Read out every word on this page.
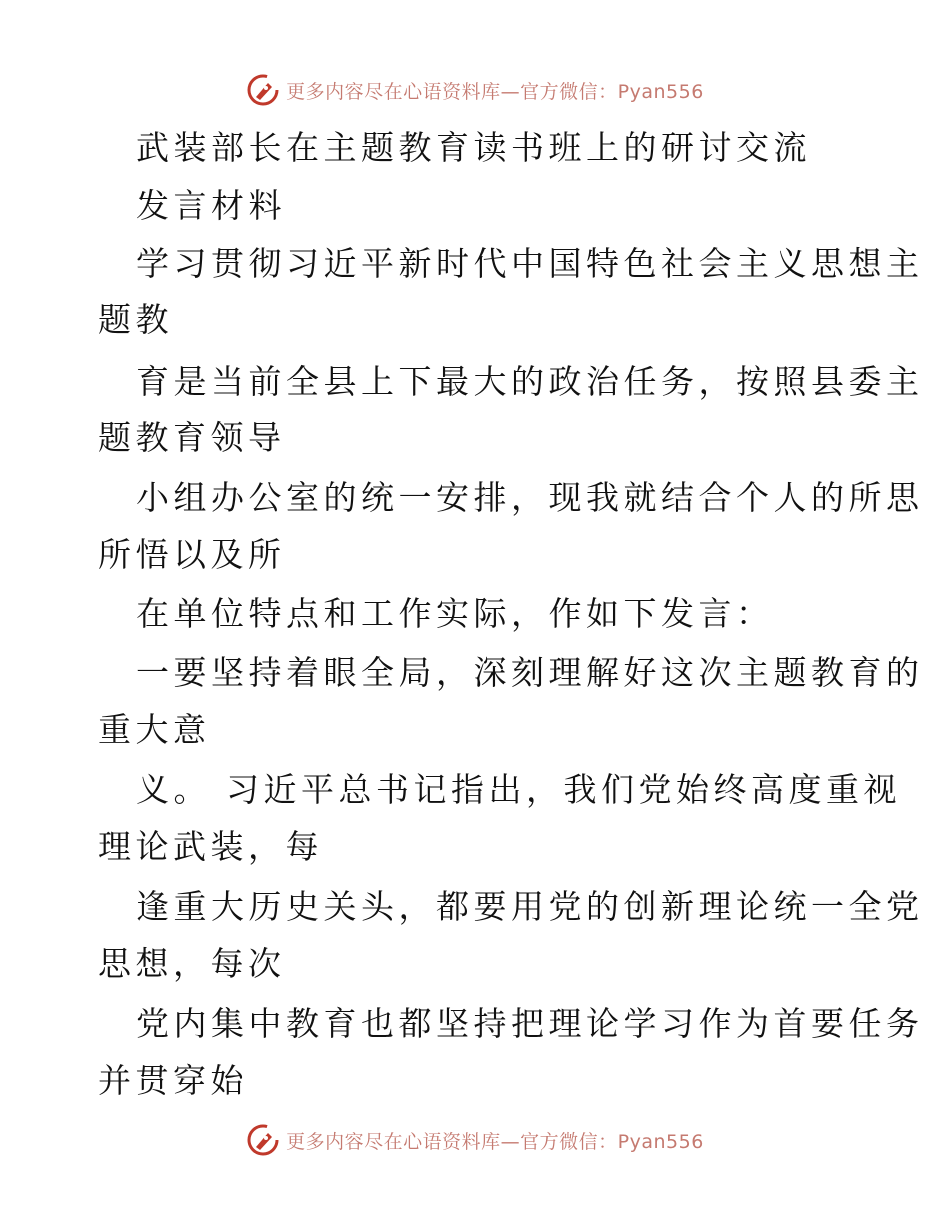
更多内容尽在心语资料库—官方微信：Pyan556
武装部长在主题教育读书班上的研讨交流
发言材料
学习贯彻习近平新时代中国特色社会主义思想主
题教
育是当前全县上下最大的政治任务，按照县委主
题教育领导
小组办公室的统一安排，现我就结合个人的所思
所悟以及所
在单位特点和工作实际，作如下发言：
一要坚持着眼全局，深刻理解好这次主题教育的
重大意
义。 习近平总书记指出，我们党始终高度重视
理论武装，每
逢重大历史关头，都要用党的创新理论统一全党
思想，每次
党内集中教育也都坚持把理论学习作为首要任务
并贯穿始
更多内容尽在心语资料库—官方微信：Pyan556
